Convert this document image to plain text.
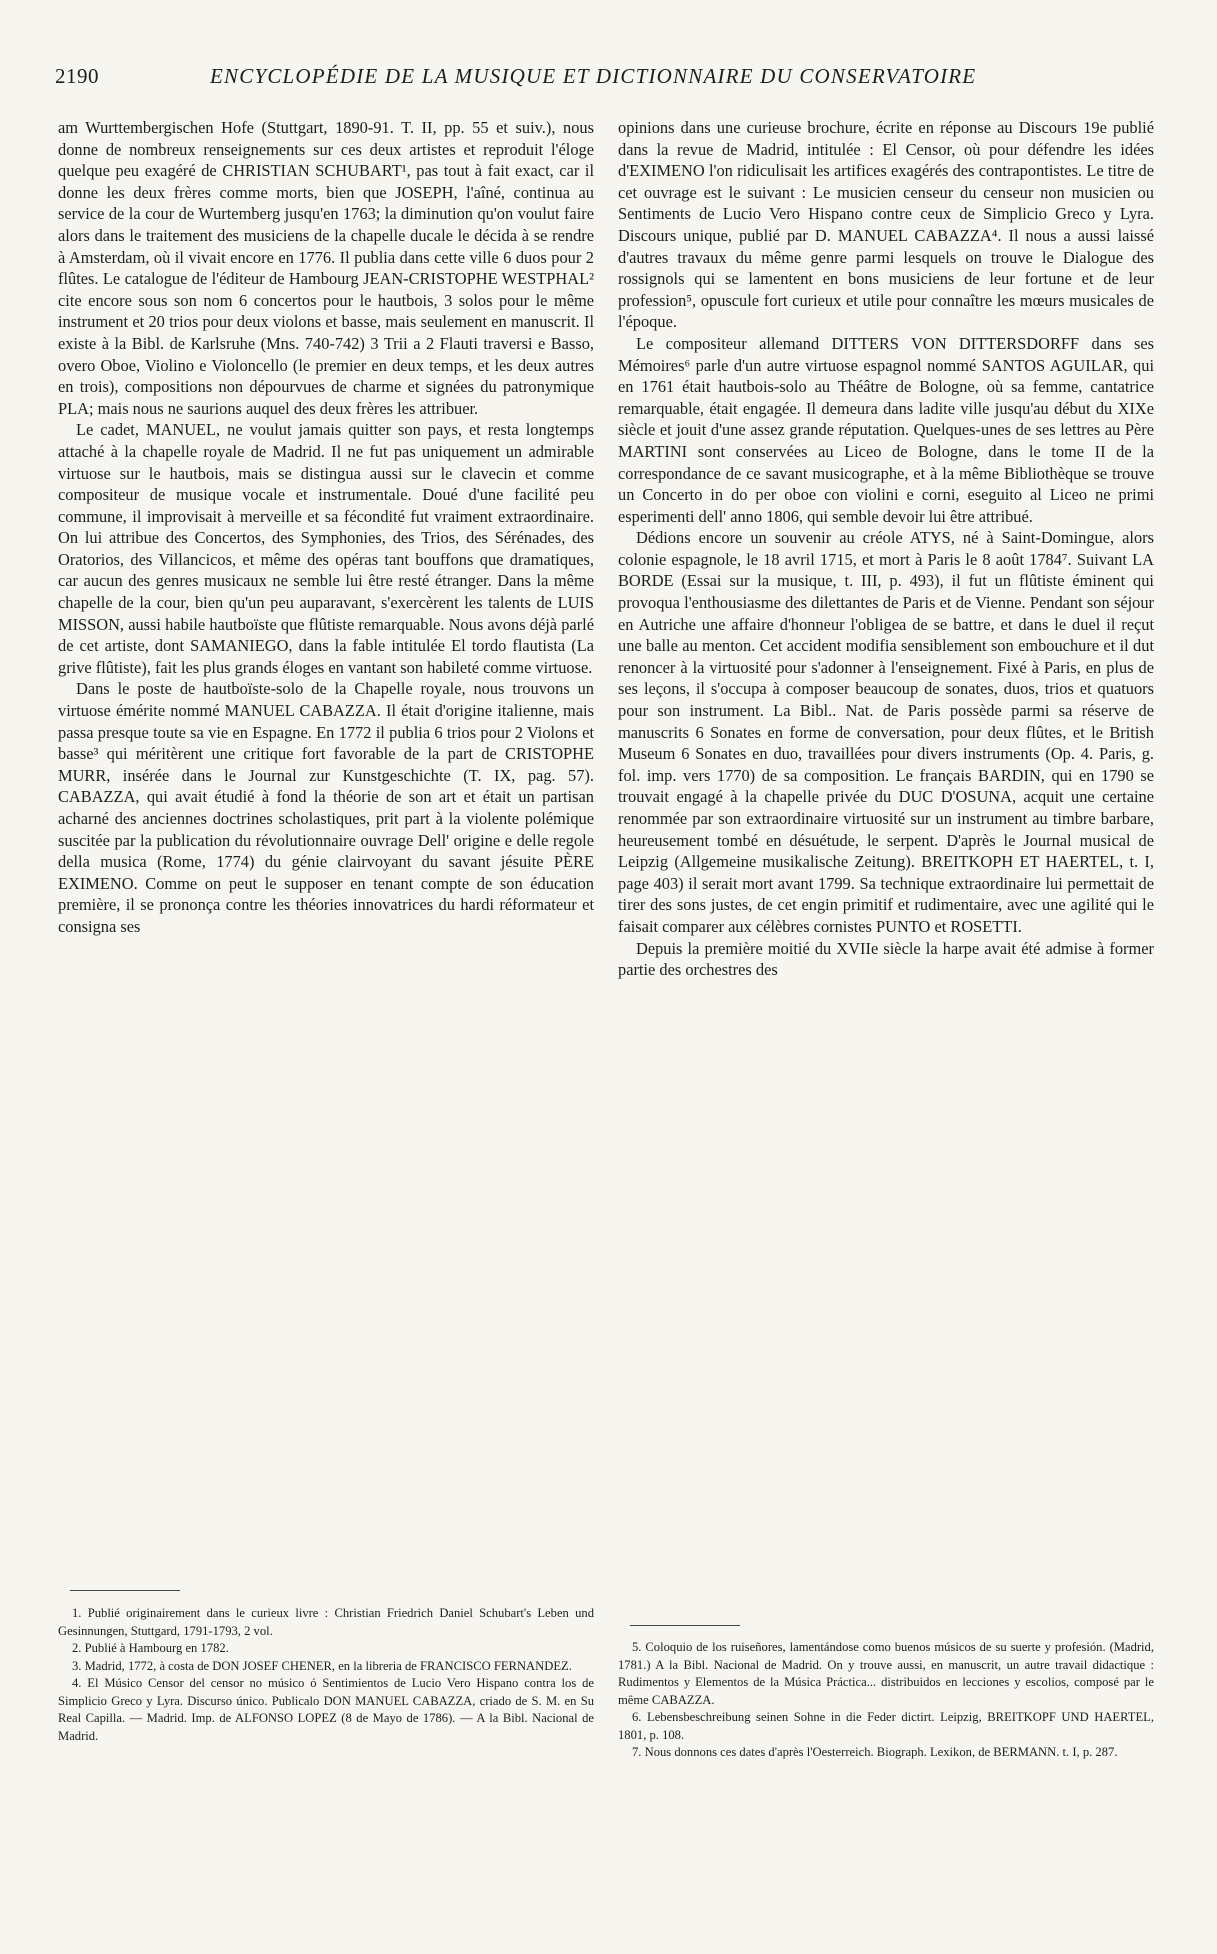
2190	ENCYCLOPÉDIE DE LA MUSIQUE ET DICTIONNAIRE DU CONSERVATOIRE

am Wurttembergischen Hofe (Stuttgart, 1890-91. T. II, pp. 55 et suiv.), nous donne de nombreux renseignements sur ces deux artistes et reproduit l'éloge quelque peu exagéré de CHRISTIAN SCHUBART¹, pas tout à fait exact, car il donne les deux frères comme morts, bien que JOSEPH, l'aîné, continua au service de la cour de Wurtemberg jusqu'en 1763; la diminution qu'on voulut faire alors dans le traitement des musiciens de la chapelle ducale le décida à se rendre à Amsterdam, où il vivait encore en 1776. Il publia dans cette ville 6 duos pour 2 flûtes. Le catalogue de l'éditeur de Hambourg JEAN-CRISTOPHE WESTPHAL² cite encore sous son nom 6 concertos pour le hautbois, 3 solos pour le même instrument et 20 trios pour deux violons et basse, mais seulement en manuscrit. Il existe à la Bibl. de Karlsruhe (Mns. 740-742) 3 Trii a 2 Flauti traversi e Basso, overo Oboe, Violino e Violoncello (le premier en deux temps, et les deux autres en trois), compositions non dépourvues de charme et signées du patronymique PLA; mais nous ne saurions auquel des deux frères les attribuer.

Le cadet, MANUEL, ne voulut jamais quitter son pays, et resta longtemps attaché à la chapelle royale de Madrid. Il ne fut pas uniquement un admirable virtuose sur le hautbois, mais se distingua aussi sur le clavecin et comme compositeur de musique vocale et instrumentale. Doué d'une facilité peu commune, il improvisait à merveille et sa fécondité fut vraiment extraordinaire. On lui attribue des Concertos, des Symphonies, des Trios, des Sérénades, des Oratorios, des Villancicos, et même des opéras tant bouffons que dramatiques, car aucun des genres musicaux ne semble lui être resté étranger. Dans la même chapelle de la cour, bien qu'un peu auparavant, s'exercèrent les talents de LUIS MISSON, aussi habile hautboïste que flûtiste remarquable. Nous avons déjà parlé de cet artiste, dont SAMANIEGO, dans la fable intitulée El tordo flautista (La grive flûtiste), fait les plus grands éloges en vantant son habileté comme virtuose.

Dans le poste de hautboïste-solo de la Chapelle royale, nous trouvons un virtuose émérite nommé MANUEL CABAZZA. Il était d'origine italienne, mais passa presque toute sa vie en Espagne. En 1772 il publia 6 trios pour 2 Violons et basse³ qui méritèrent une critique fort favorable de la part de CRISTOPHE MURR, insérée dans le Journal zur Kunstgeschichte (T. IX, pag. 57). CABAZZA, qui avait étudié à fond la théorie de son art et était un partisan acharné des anciennes doctrines scholastiques, prit part à la violente polémique suscitée par la publication du révolutionnaire ouvrage Dell' origine e delle regole della musica (Rome, 1774) du génie clairvoyant du savant jésuite PÈRE EXIMENO. Comme on peut le supposer en tenant compte de son éducation première, il se prononça contre les théories innovatrices du hardi réformateur et consigna ses

opinions dans une curieuse brochure, écrite en réponse au Discours 19e publié dans la revue de Madrid, intitulée : El Censor, où pour défendre les idées d'EXIMENO l'on ridiculisait les artifices exagérés des contrapontistes. Le titre de cet ouvrage est le suivant : Le musicien censeur du censeur non musicien ou Sentiments de Lucio Vero Hispano contre ceux de Simplicio Greco y Lyra. Discours unique, publié par D. MANUEL CABAZZA⁴. Il nous a aussi laissé d'autres travaux du même genre parmi lesquels on trouve le Dialogue des rossignols qui se lamentent en bons musiciens de leur fortune et de leur profession⁵, opuscule fort curieux et utile pour connaître les mœurs musicales de l'époque.

Le compositeur allemand DITTERS VON DITTERSDORFF dans ses Mémoires⁶ parle d'un autre virtuose espagnol nommé SANTOS AGUILAR, qui en 1761 était hautbois-solo au Théâtre de Bologne, où sa femme, cantatrice remarquable, était engagée. Il demeura dans ladite ville jusqu'au début du XIXe siècle et jouit d'une assez grande réputation. Quelques-unes de ses lettres au Père MARTINI sont conservées au Liceo de Bologne, dans le tome II de la correspondance de ce savant musicographe, et à la même Bibliothèque se trouve un Concerto in do per oboe con violini e corni, eseguito al Liceo ne primi esperimenti dell' anno 1806, qui semble devoir lui être attribué.

Dédions encore un souvenir au créole ATYS, né à Saint-Domingue, alors colonie espagnole, le 18 avril 1715, et mort à Paris le 8 août 1784⁷. Suivant LA BORDE (Essai sur la musique, t. III, p. 493), il fut un flûtiste éminent qui provoqua l'enthousiasme des dilettantes de Paris et de Vienne. Pendant son séjour en Autriche une affaire d'honneur l'obligea de se battre, et dans le duel il reçut une balle au menton. Cet accident modifia sensiblement son embouchure et il dut renoncer à la virtuosité pour s'adonner à l'enseignement. Fixé à Paris, en plus de ses leçons, il s'occupa à composer beaucoup de sonates, duos, trios et quatuors pour son instrument. La Bibl.. Nat. de Paris possède parmi sa réserve de manuscrits 6 Sonates en forme de conversation, pour deux flûtes, et le British Museum 6 Sonates en duo, travaillées pour divers instruments (Op. 4. Paris, g. fol. imp. vers 1770) de sa composition. Le français BARDIN, qui en 1790 se trouvait engagé à la chapelle privée du DUC D'OSUNA, acquit une certaine renommée par son extraordinaire virtuosité sur un instrument au timbre barbare, heureusement tombé en désuétude, le serpent. D'après le Journal musical de Leipzig (Allgemeine musikalische Zeitung). BREITKOPH ET HAERTEL, t. I, page 403) il serait mort avant 1799. Sa technique extraordinaire lui permettait de tirer des sons justes, de cet engin primitif et rudimentaire, avec une agilité qui le faisait comparer aux célèbres cornistes PUNTO et ROSETTI.

Depuis la première moitié du XVIIe siècle la harpe avait été admise à former partie des orchestres des

1. Publié originairement dans le curieux livre : Christian Friedrich Daniel Schubart's Leben und Gesinnungen, Stuttgard, 1791-1793, 2 vol.

2. Publié à Hambourg en 1782.

3. Madrid, 1772, à costa de DON JOSEF CHENER, en la libreria de FRANCISCO FERNANDEZ.

4. El Músico Censor del censor no músico ó Sentimientos de Lucio Vero Hispano contra los de Simplicio Greco y Lyra. Discurso único. Publicalo DON MANUEL CABAZZA, criado de S. M. en Su Real Capilla. — Madrid. Imp. de ALFONSO LOPEZ (8 de Mayo de 1786). — A la Bibl. Nacional de Madrid.

5. Coloquio de los ruiseñores, lamentándose como buenos músicos de su suerte y profesión. (Madrid, 1781.) A la Bibl. Nacional de Madrid. On y trouve aussi, en manuscrit, un autre travail didactique : Rudimentos y Elementos de la Música Práctica... distribuidos en lecciones y escolios, composé par le même CABAZZA.

6. Lebensbeschreibung seinen Sohne in die Feder dictirt. Leipzig, BREITKOPF UND HAERTEL, 1801, p. 108.

7. Nous donnons ces dates d'après l'Oesterreich. Biograph. Lexikon, de BERMANN. t. I, p. 287.
